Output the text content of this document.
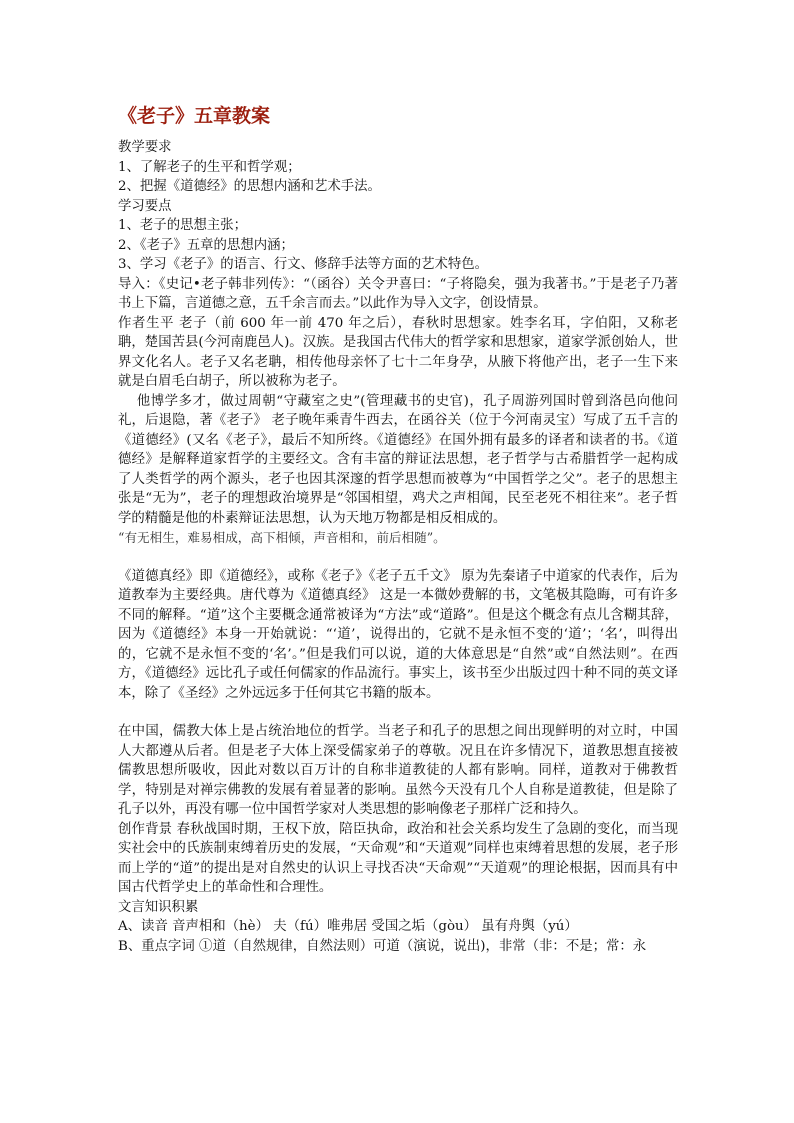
《老子》五章教案

教学要求

1、了解老子的生平和哲学观；

2、把握《道德经》的思想内涵和艺术手法。

学习要点

1、老子的思想主张；

2、《老子》五章的思想内涵；

3、学习《老子》的语言、行文、修辞手法等方面的艺术特色。

导入：《史记•老子韩非列传》：“（函谷）关令尹喜曰：“子将隐矣，强为我著书。”于是老子乃著书上下篇，言道德之意，五千余言而去。”以此作为导入文字，创设情景。

作者生平 老子（前 600 年一前 470 年之后），春秋时思想家。姓李名耳，字伯阳，又称老聃，楚国苦县(今河南鹿邑人)。汉族。是我国古代伟大的哲学家和思想家，道家学派创始人，世界文化名人。老子又名老聃，相传他母亲怀了七十二年身孕，从腋下将他产出，老子一生下来就是白眉毛白胡子，所以被称为老子。

他博学多才，做过周朝“守藏室之史”(管理藏书的史官)，孔子周游列国时曾到洛邑向他问礼，后退隐，著《老子》 老子晚年乘青牛西去，在函谷关（位于今河南灵宝）写成了五千言的《道德经》(又名《老子》，最后不知所终。《道德经》在国外拥有最多的译者和读者的书。《道德经》是解释道家哲学的主要经文。含有丰富的辩证法思想，老子哲学与古希腊哲学一起构成了人类哲学的两个源头，老子也因其深邃的哲学思想而被尊为“中国哲学之父”。老子的思想主张是“无为”，老子的理想政治境界是“邻国相望，鸡犬之声相闻，民至老死不相往来”。老子哲学的精髓是他的朴素辩证法思想，认为天地万物都是相反相成的。

“有无相生，难易相成，高下相倾，声音相和，前后相随”。

《道德真经》即《道德经》，或称《老子》《老子五千文》 原为先秦诸子中道家的代表作，后为道教奉为主要经典。唐代尊为《道德真经》 这是一本微妙费解的书，文笔极其隐晦，可有许多不同的解释。“道”这个主要概念通常被译为“方法”或“道路”。但是这个概念有点儿含糊其辞，因为《道德经》本身一开始就说：“‘道’，说得出的，它就不是永恒不变的‘道’；‘名’，叫得出的，它就不是永恒不变的‘名’。”但是我们可以说，道的大体意思是“自然”或“自然法则”。在西方，《道德经》远比孔子或任何儒家的作品流行。事实上，该书至少出版过四十种不同的英文译本，除了《圣经》之外远远多于任何其它书籍的版本。

在中国，儒教大体上是占统治地位的哲学。当老子和孔子的思想之间出现鲜明的对立时，中国人大都遵从后者。但是老子大体上深受儒家弟子的尊敬。况且在许多情况下，道教思想直接被儒教思想所吸收，因此对数以百万计的自称非道教徒的人都有影响。同样，道教对于佛教哲学，特别是对禅宗佛教的发展有着显著的影响。虽然今天没有几个人自称是道教徒，但是除了孔子以外，再没有哪一位中国哲学家对人类思想的影响像老子那样广泛和持久。

创作背景 春秋战国时期，王权下放，陪臣执命，政治和社会关系均发生了急剧的变化，而当现实社会中的氏族制束缚着历史的发展，“天命观”和“天道观”同样也束缚着思想的发展，老子形而上学的“道”的提出是对自然史的认识上寻找否决“天命观”“天道观”的理论根据，因而具有中国古代哲学史上的革命性和合理性。

文言知识积累

A、读音 音声相和（hè） 夫（fú）唯弗居 受国之垢（gòu） 虽有舟舆（yú）

B、重点字词 ①道（自然规律，自然法则）可道（演说，说出)，非常（非：不是；常：永
